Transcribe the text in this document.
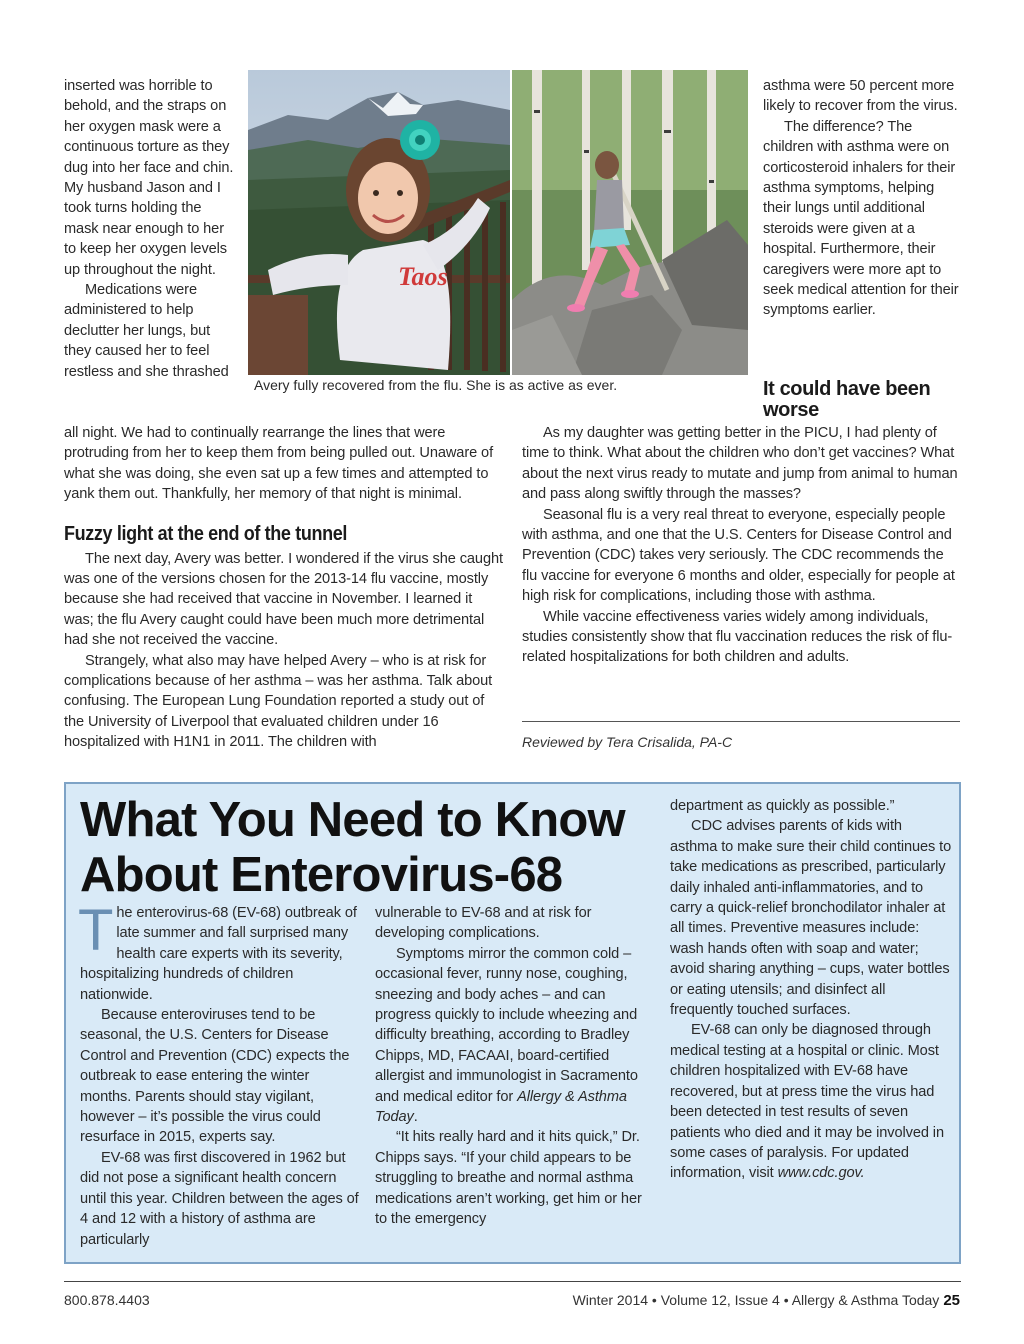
inserted was horrible to behold, and the straps on her oxygen mask were a continuous torture as they dug into her face and chin. My husband Jason and I took turns holding the mask near enough to her to keep her oxygen levels up throughout the night.

Medications were administered to help declutter her lungs, but they caused her to feel restless and she thrashed

Taos
Avery fully recovered from the flu. She is as active as ever.

asthma were 50 percent more likely to recover from the virus.

The difference? The children with asthma were on corticosteroid inhalers for their asthma symptoms, helping their lungs until additional steroids were given at a hospital. Furthermore, their caregivers were more apt to seek medical attention for their symptoms earlier.

It could have been worse

all night. We had to continually rearrange the lines that were protruding from her to keep them from being pulled out. Unaware of what she was doing, she even sat up a few times and attempted to yank them out. Thankfully, her memory of that night is minimal.

Fuzzy light at the end of the tunnel

The next day, Avery was better. I wondered if the virus she caught was one of the versions chosen for the 2013-14 flu vaccine, mostly because she had received that vaccine in November. I learned it was; the flu Avery caught could have been much more detrimental had she not received the vaccine.

Strangely, what also may have helped Avery – who is at risk for complications because of her asthma – was her asthma. Talk about confusing. The European Lung Foundation reported a study out of the University of Liverpool that evaluated children under 16 hospitalized with H1N1 in 2011. The children with

As my daughter was getting better in the PICU, I had plenty of time to think. What about the children who don’t get vaccines? What about the next virus ready to mutate and jump from animal to human and pass along swiftly through the masses?

Seasonal flu is a very real threat to everyone, especially people with asthma, and one that the U.S. Centers for Disease Control and Prevention (CDC) takes very seriously. The CDC recommends the flu vaccine for everyone 6 months and older, especially for people at high risk for complications, including those with asthma.

While vaccine effectiveness varies widely among individuals, studies consistently show that flu vaccination reduces the risk of flu-related hospitalizations for both children and adults.

Reviewed by Tera Crisalida, PA-C
What You Need to Know
About Enterovirus-68

The enterovirus-68 (EV-68) outbreak of late summer and fall surprised many health care experts with its severity, hospitalizing hundreds of children nationwide.

Because enteroviruses tend to be seasonal, the U.S. Centers for Disease Control and Prevention (CDC) expects the outbreak to ease entering the winter months. Parents should stay vigilant, however – it’s possible the virus could resurface in 2015, experts say.

EV-68 was first discovered in 1962 but did not pose a significant health concern until this year. Children between the ages of 4 and 12 with a history of asthma are particularly

vulnerable to EV-68 and at risk for developing complications.

Symptoms mirror the common cold – occasional fever, runny nose, coughing, sneezing and body aches – and can progress quickly to include wheezing and difficulty breathing, according to Bradley Chipps, MD, FACAAI, board-certified allergist and immunologist in Sacramento and medical editor for Allergy & Asthma Today.

“It hits really hard and it hits quick,” Dr. Chipps says. “If your child appears to be struggling to breathe and normal asthma medications aren’t working, get him or her to the emergency

department as quickly as possible.”

CDC advises parents of kids with asthma to make sure their child continues to take medications as prescribed, particularly daily inhaled anti-inflammatories, and to carry a quick-relief bronchodilator inhaler at all times. Preventive measures include: wash hands often with soap and water; avoid sharing anything – cups, water bottles or eating utensils; and disinfect all frequently touched surfaces.

EV-68 can only be diagnosed through medical testing at a hospital or clinic. Most children hospitalized with EV-68 have recovered, but at press time the virus had been detected in test results of seven patients who died and it may be involved in some cases of paralysis. For updated information, visit www.cdc.gov.

800.878.4403	Winter 2014 • Volume 12, Issue 4 • Allergy & Asthma Today 25
